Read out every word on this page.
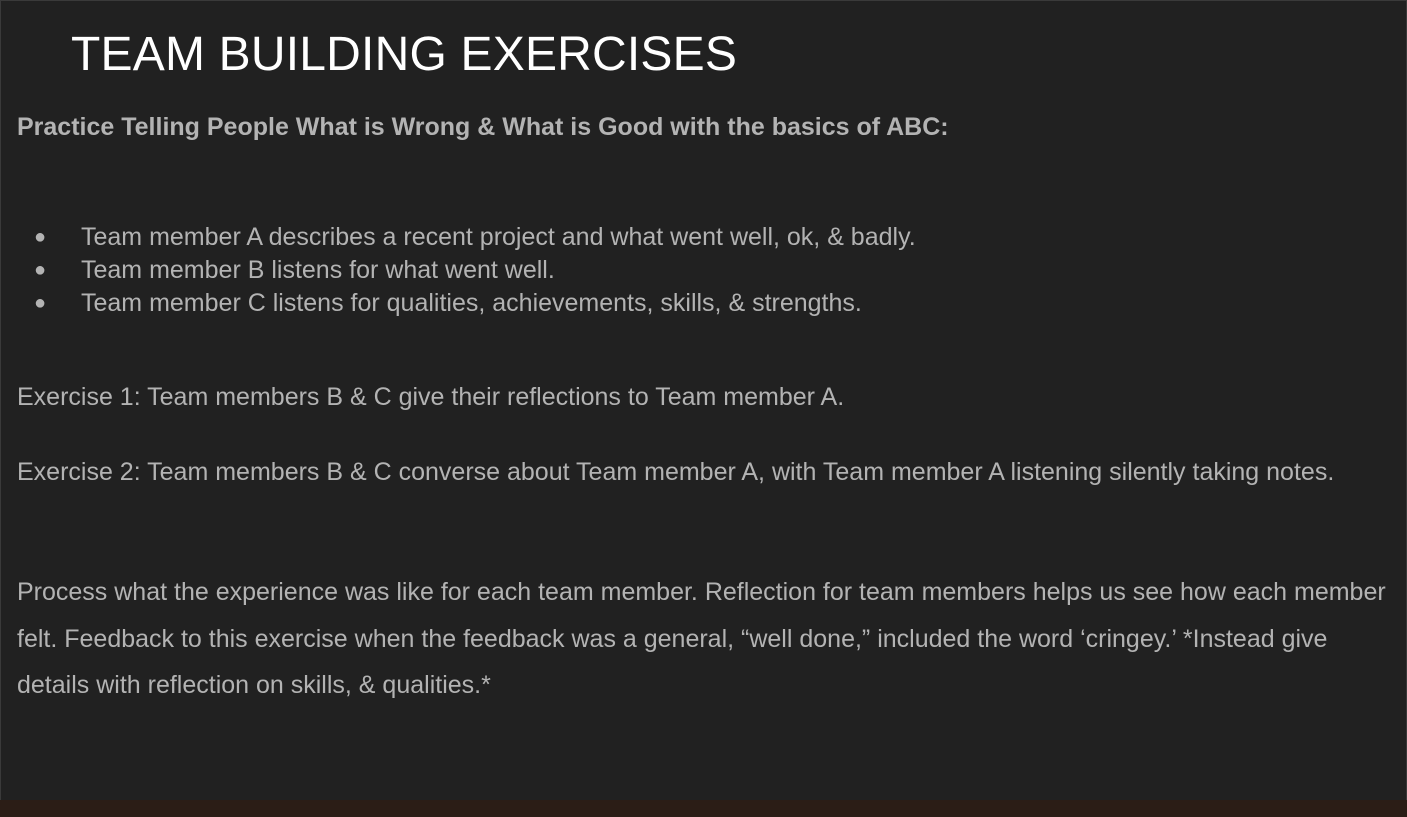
TEAM BUILDING EXERCISES
Practice Telling People What is Wrong & What is Good with the basics of ABC:
● Team member A describes a recent project and what went well, ok, & badly.
● Team member B listens for what went well.
● Team member C listens for qualities, achievements, skills, & strengths.

Exercise 1: Team members B & C give their reflections to Team member A.

Exercise 2: Team members B & C converse about Team member A, with Team member A listening silently taking notes.

Process what the experience was like for each team member. Reflection for team members helps us see how each member felt. Feedback to this exercise when the feedback was a general, “well done,” included the word ‘cringey.’ *Instead give details with reflection on skills, & qualities.*
